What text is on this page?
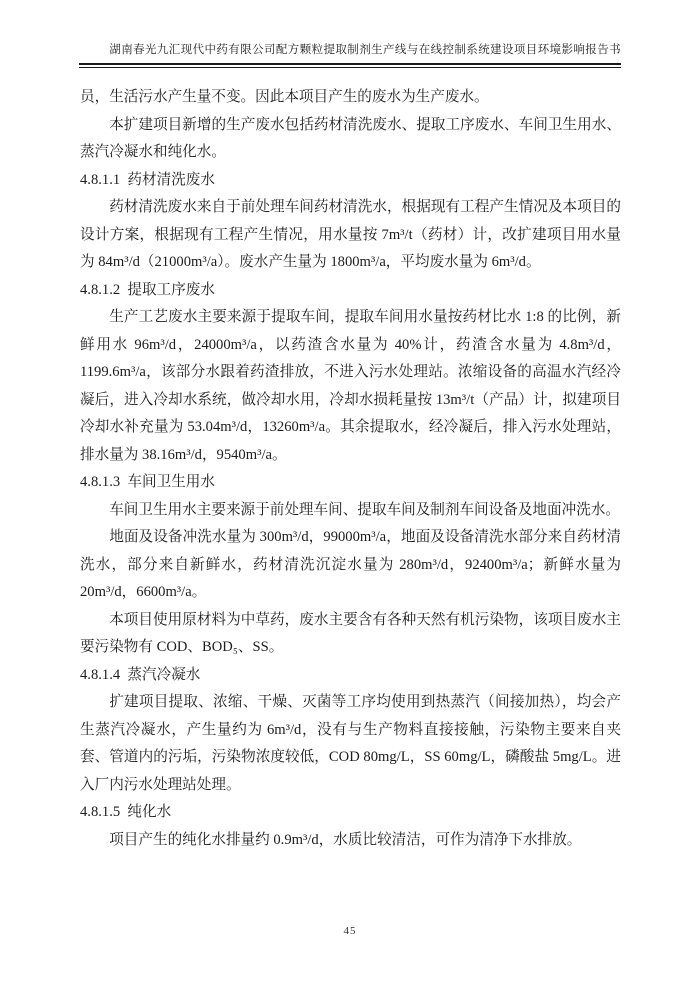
湖南春光九汇现代中药有限公司配方颗粒提取制剂生产线与在线控制系统建设项目环境影响报告书

员，生活污水产生量不变。因此本项目产生的废水为生产废水。

本扩建项目新增的生产废水包括药材清洗废水、提取工序废水、车间卫生用水、蒸汽冷凝水和纯化水。

4.8.1.1  药材清洗废水

药材清洗废水来自于前处理车间药材清洗水，根据现有工程产生情况及本项目的设计方案，根据现有工程产生情况，用水量按 7m³/t（药材）计，改扩建项目用水量为 84m³/d（21000m³/a）。废水产生量为 1800m³/a，平均废水量为 6m³/d。

4.8.1.2  提取工序废水

生产工艺废水主要来源于提取车间，提取车间用水量按药材比水 1:8 的比例，新鲜用水 96m³/d，24000m³/a，以药渣含水量为 40%计，药渣含水量为 4.8m³/d，1199.6m³/a，该部分水跟着药渣排放，不进入污水处理站。浓缩设备的高温水汽经冷凝后，进入冷却水系统，做冷却水用，冷却水损耗量按 13m³/t（产品）计，拟建项目冷却水补充量为 53.04m³/d，13260m³/a。其余提取水，经冷凝后，排入污水处理站，排水量为 38.16m³/d，9540m³/a。

4.8.1.3  车间卫生用水

车间卫生用水主要来源于前处理车间、提取车间及制剂车间设备及地面冲洗水。

地面及设备冲洗水量为 300m³/d，99000m³/a，地面及设备清洗水部分来自药材清洗水，部分来自新鲜水，药材清洗沉淀水量为 280m³/d，92400m³/a；新鲜水量为 20m³/d，6600m³/a。

本项目使用原材料为中草药，废水主要含有各种天然有机污染物，该项目废水主要污染物有 COD、BOD₅、SS。

4.8.1.4  蒸汽冷凝水

扩建项目提取、浓缩、干燥、灭菌等工序均使用到热蒸汽（间接加热），均会产生蒸汽冷凝水，产生量约为 6m³/d，没有与生产物料直接接触，污染物主要来自夹套、管道内的污垢，污染物浓度较低，COD 80mg/L，SS 60mg/L，磷酸盐 5mg/L。进入厂内污水处理站处理。

4.8.1.5  纯化水

项目产生的纯化水排量约 0.9m³/d，水质比较清洁，可作为清净下水排放。

45
